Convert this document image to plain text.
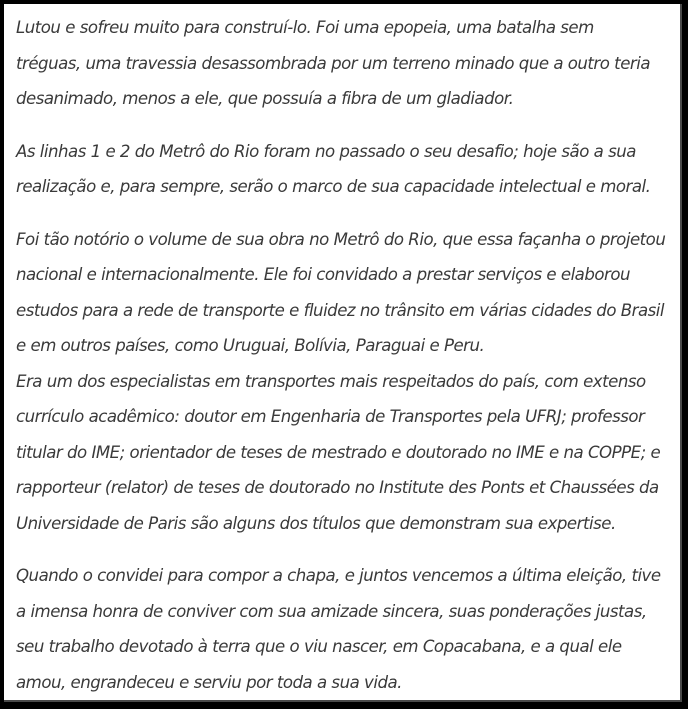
Lutou e sofreu muito para construí-lo. Foi uma epopeia, uma batalha sem
tréguas, uma travessia desassombrada por um terreno minado que a outro teria
desanimado, menos a ele, que possuía a fibra de um gladiador.

As linhas 1 e 2 do Metrô do Rio foram no passado o seu desafio; hoje são a sua
realização e, para sempre, serão o marco de sua capacidade intelectual e moral.

Foi tão notório o volume de sua obra no Metrô do Rio, que essa façanha o projetou
nacional e internacionalmente. Ele foi convidado a prestar serviços e elaborou
estudos para a rede de transporte e fluidez no trânsito em várias cidades do Brasil
e em outros países, como Uruguai, Bolívia, Paraguai e Peru.

Era um dos especialistas em transportes mais respeitados do país, com extenso
currículo acadêmico: doutor em Engenharia de Transportes pela UFRJ; professor
titular do IME; orientador de teses de mestrado e doutorado no IME e na COPPE; e
rapporteur (relator) de teses de doutorado no Institute des Ponts et Chaussées da
Universidade de Paris são alguns dos títulos que demonstram sua expertise.

Quando o convidei para compor a chapa, e juntos vencemos a última eleição, tive
a imensa honra de conviver com sua amizade sincera, suas ponderações justas,
seu trabalho devotado à terra que o viu nascer, em Copacabana, e a qual ele
amou, engrandeceu e serviu por toda a sua vida.
